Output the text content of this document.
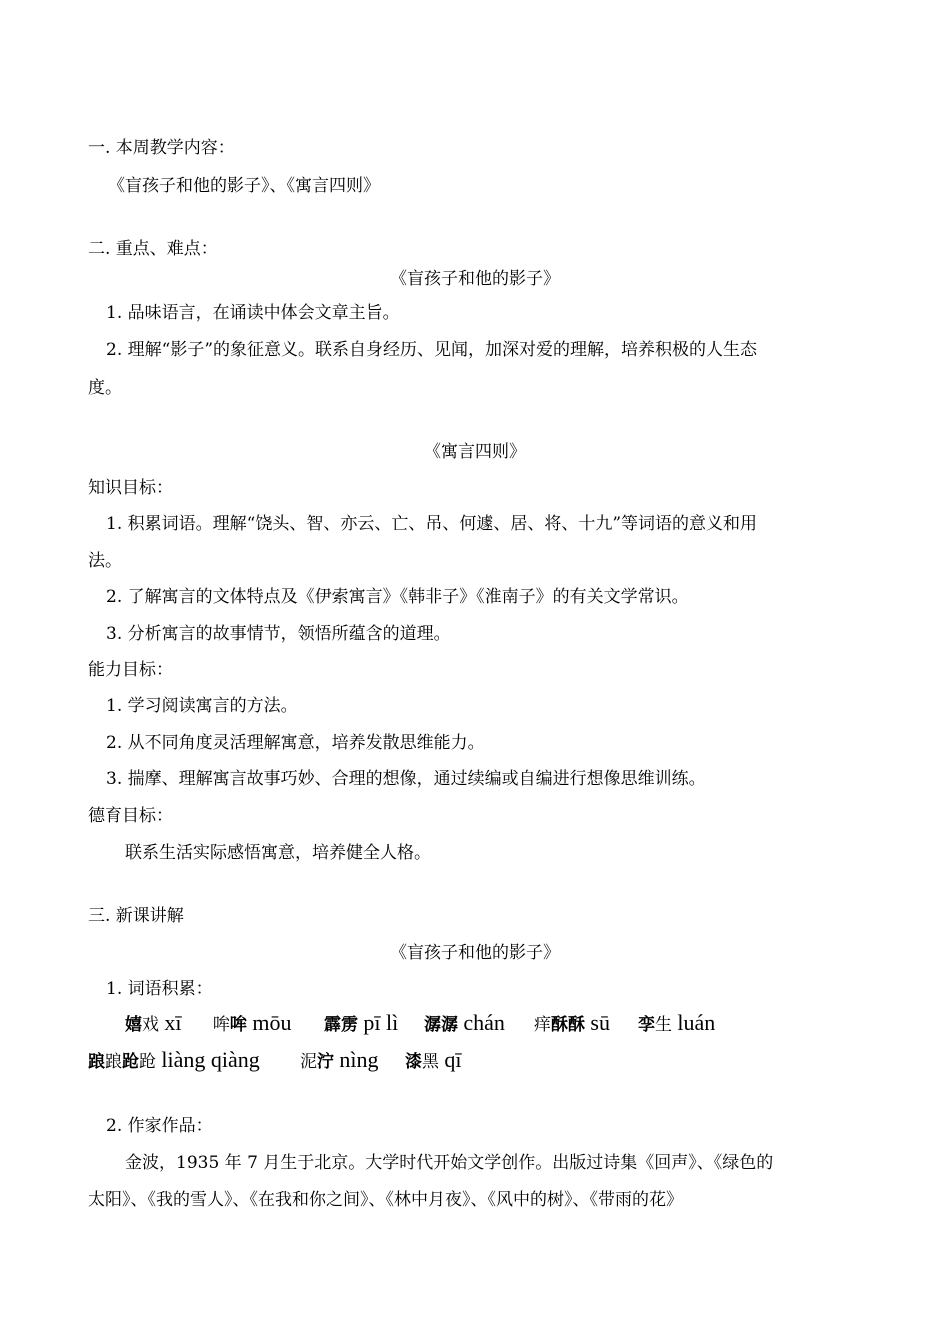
一. 本周教学内容：
《盲孩子和他的影子》、《寓言四则》
二. 重点、难点：
《盲孩子和他的影子》
1. 品味语言，在诵读中体会文章主旨。
2. 理解“影子”的象征意义。联系自身经历、见闻，加深对爱的理解，培养积极的人生态
度。
《寓言四则》
知识目标：
1. 积累词语。理解“饶头、智、亦云、亡、吊、何遽、居、将、十九”等词语的意义和用
法。
2. 了解寓言的文体特点及《伊索寓言》《韩非子》《淮南子》的有关文学常识。
3. 分析寓言的故事情节，领悟所蕴含的道理。
能力目标：
1. 学习阅读寓言的方法。
2. 从不同角度灵活理解寓意，培养发散思维能力。
3. 揣摩、理解寓言故事巧妙、合理的想像，通过续编或自编进行想像思维训练。
德育目标：
联系生活实际感悟寓意，培养健全人格。
三. 新课讲解
《盲孩子和他的影子》
1. 词语积累：
嬉戏 xī 哞哞 mōu 霹雳 pī lì 潺潺 chán 痒酥酥 sū 孪生 luán
踉踉跄跄 liàng qiàng 泥泞 nìng 漆黑 qī
2. 作家作品：
金波，1935 年 7 月生于北京。大学时代开始文学创作。出版过诗集《回声》、《绿色的
太阳》、《我的雪人》、《在我和你之间》、《林中月夜》、《风中的树》、《带雨的花》
